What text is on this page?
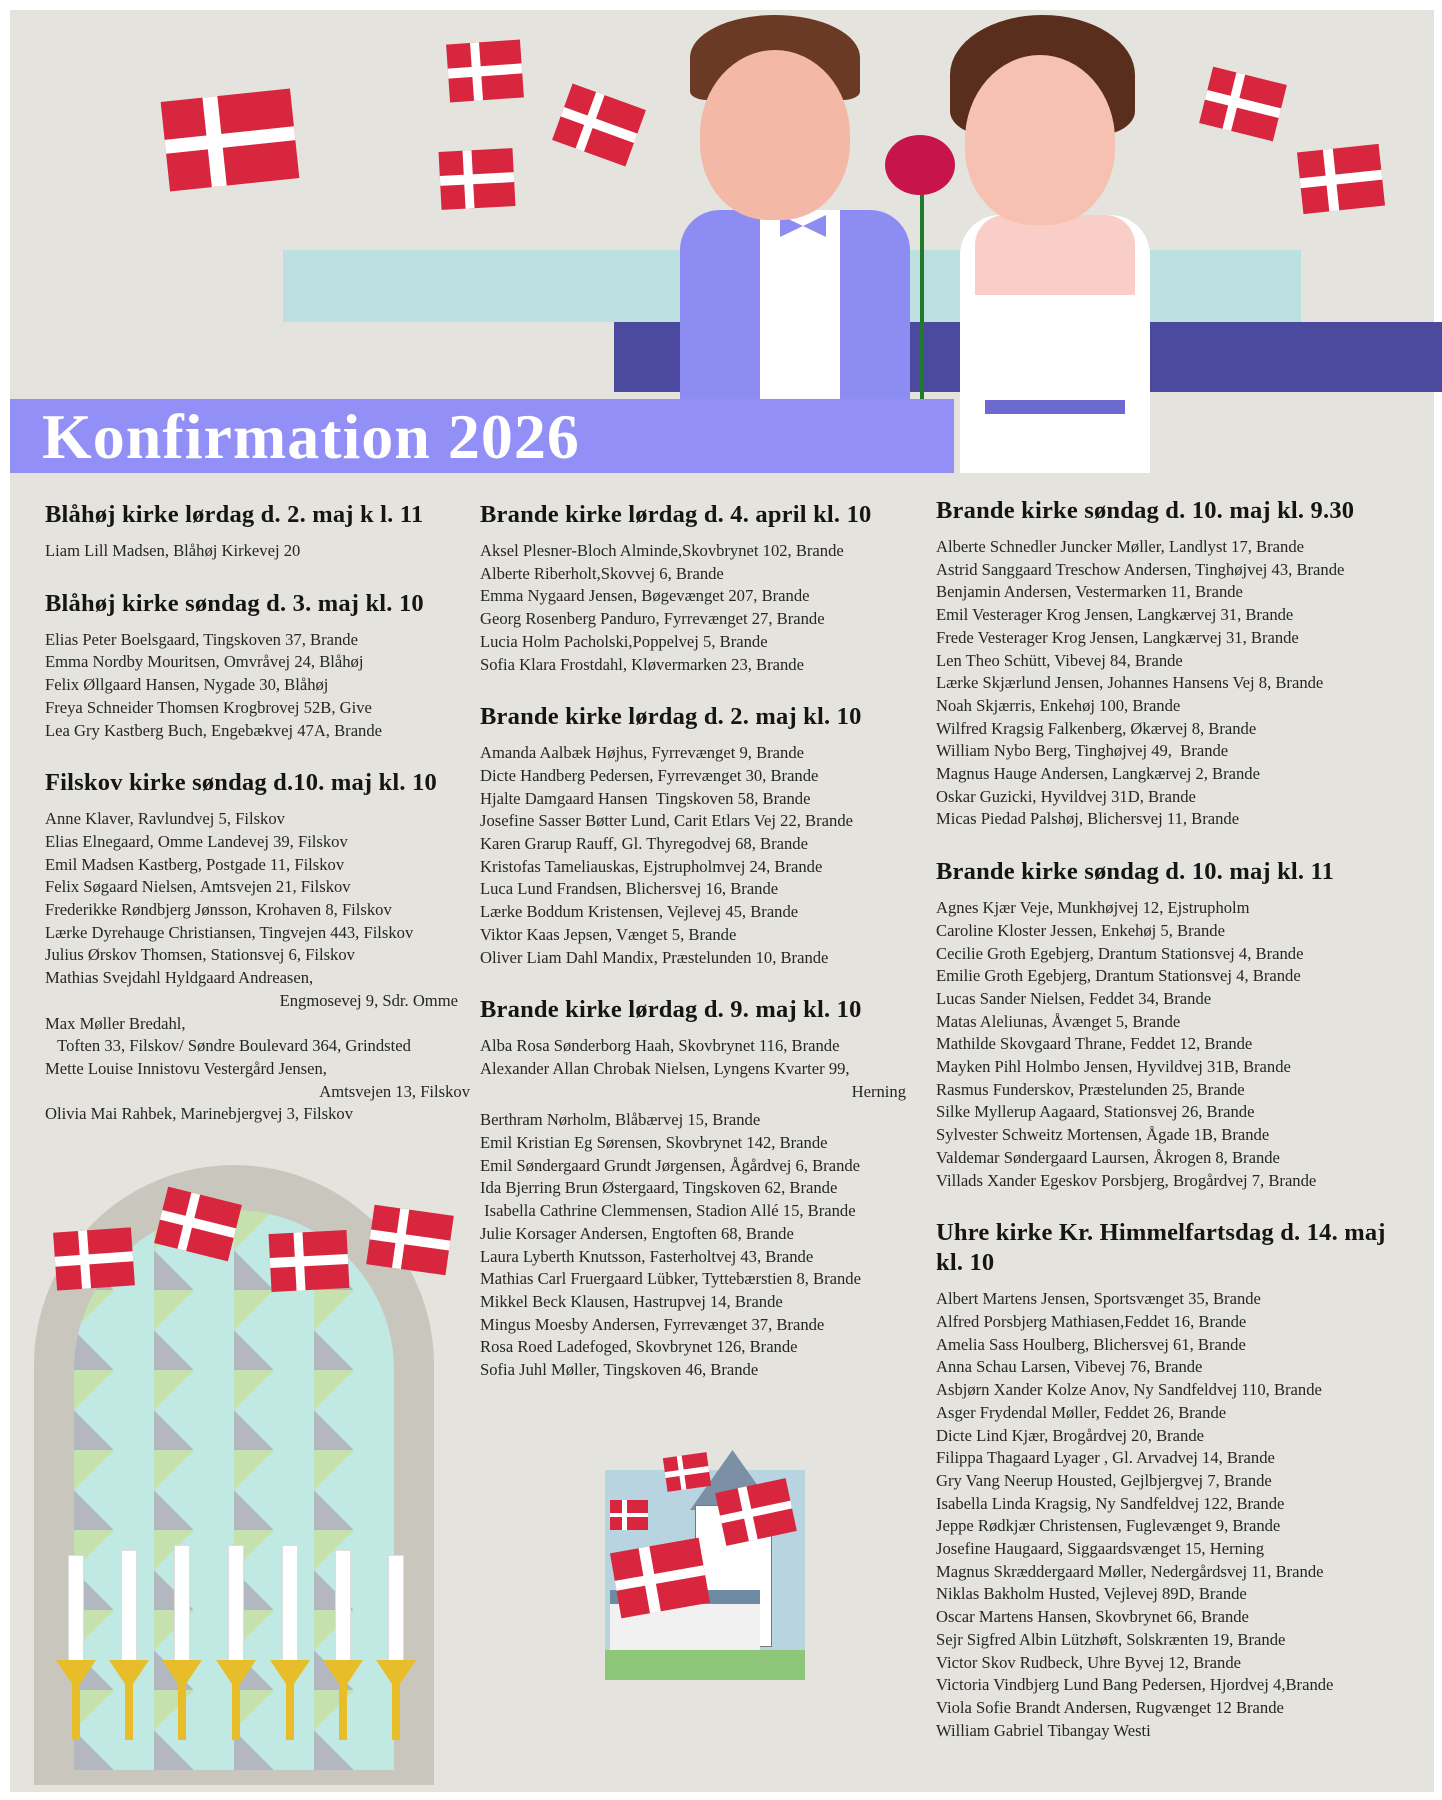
Konfirmation 2026
Blåhøj kirke lørdag d. 2. maj k l. 11
Liam Lill Madsen, Blåhøj Kirkevej 20
Blåhøj kirke søndag d. 3. maj kl. 10
Elias Peter Boelsgaard, Tingskoven 37, Brande
Emma Nordby Mouritsen, Omvråvej 24, Blåhøj
Felix Øllgaard Hansen, Nygade 30, Blåhøj
Freya Schneider Thomsen Krogbrovej 52B, Give
Lea Gry Kastberg Buch, Engebækvej 47A, Brande
Filskov kirke søndag d.10. maj kl. 10
Anne Klaver, Ravlundvej 5, Filskov
Elias Elnegaard, Omme Landevej 39, Filskov
Emil Madsen Kastberg, Postgade 11, Filskov
Felix Søgaard Nielsen, Amtsvejen 21, Filskov
Frederikke Røndbjerg Jønsson, Krohaven 8, Filskov
Lærke Dyrehauge Christiansen, Tingvejen 443, Filskov
Julius Ørskov Thomsen, Stationsvej 6, Filskov
Mathias Svejdahl Hyldgaard Andreasen,
Engmosevej 9, Sdr. Omme
Max Møller Bredahl,
Toften 33, Filskov/ Søndre Boulevard 364, Grindsted
Mette Louise Innistovu Vestergård Jensen,
Amtsvejen 13, Filskov
Olivia Mai Rahbek, Marinebjergvej 3, Filskov
Brande kirke lørdag d. 4. april kl. 10
Aksel Plesner-Bloch Alminde,Skovbrynet 102, Brande
Alberte Riberholt,Skovvej 6, Brande
Emma Nygaard Jensen, Bøgevænget 207, Brande
Georg Rosenberg Panduro, Fyrrevænget 27, Brande
Lucia Holm Pacholski,Poppelvej 5, Brande
Sofia Klara Frostdahl, Kløvermarken 23, Brande
Brande kirke lørdag d. 2. maj kl. 10
Amanda Aalbæk Højhus, Fyrrevænget 9, Brande
Dicte Handberg Pedersen, Fyrrevænget 30, Brande
Hjalte Damgaard Hansen  Tingskoven 58, Brande
Josefine Sasser Bøtter Lund, Carit Etlars Vej 22, Brande
Karen Grarup Rauff, Gl. Thyregodvej 68, Brande
Kristofas Tameliauskas, Ejstrupholmvej 24, Brande
Luca Lund Frandsen, Blichersvej 16, Brande
Lærke Boddum Kristensen, Vejlevej 45, Brande
Viktor Kaas Jepsen, Vænget 5, Brande
Oliver Liam Dahl Mandix, Præstelunden 10, Brande
Brande kirke lørdag d. 9. maj kl. 10
Alba Rosa Sønderborg Haah, Skovbrynet 116, Brande
Alexander Allan Chrobak Nielsen, Lyngens Kvarter 99,
Herning
Berthram Nørholm, Blåbærvej 15, Brande
Emil Kristian Eg Sørensen, Skovbrynet 142, Brande
Emil Søndergaard Grundt Jørgensen, Ågårdvej 6, Brande
Ida Bjerring Brun Østergaard, Tingskoven 62, Brande
Isabella Cathrine Clemmensen, Stadion Allé 15, Brande
Julie Korsager Andersen, Engtoften 68, Brande
Laura Lyberth Knutsson, Fasterholtvej 43, Brande
Mathias Carl Fruergaard Lübker, Tyttebærstien 8, Brande
Mikkel Beck Klausen, Hastrupvej 14, Brande
Mingus Moesby Andersen, Fyrrevænget 37, Brande
Rosa Roed Ladefoged, Skovbrynet 126, Brande
Sofia Juhl Møller, Tingskoven 46, Brande
Brande kirke søndag d. 10. maj kl. 9.30
Alberte Schnedler Juncker Møller, Landlyst 17, Brande
Astrid Sanggaard Treschow Andersen, Tinghøjvej 43, Brande
Benjamin Andersen, Vestermarken 11, Brande
Emil Vesterager Krog Jensen, Langkærvej 31, Brande
Frede Vesterager Krog Jensen, Langkærvej 31, Brande
Len Theo Schütt, Vibevej 84, Brande
Lærke Skjærlund Jensen, Johannes Hansens Vej 8, Brande
Noah Skjærris, Enkehøj 100, Brande
Wilfred Kragsig Falkenberg, Økærvej 8, Brande
William Nybo Berg, Tinghøjvej 49,  Brande
Magnus Hauge Andersen, Langkærvej 2, Brande
Oskar Guzicki, Hyvildvej 31D, Brande
Micas Piedad Palshøj, Blichersvej 11, Brande
Brande kirke søndag d. 10. maj kl. 11
Agnes Kjær Veje, Munkhøjvej 12, Ejstrupholm
Caroline Kloster Jessen, Enkehøj 5, Brande
Cecilie Groth Egebjerg, Drantum Stationsvej 4, Brande
Emilie Groth Egebjerg, Drantum Stationsvej 4, Brande
Lucas Sander Nielsen, Feddet 34, Brande
Matas Aleliunas, Åvænget 5, Brande
Mathilde Skovgaard Thrane, Feddet 12, Brande
Mayken Pihl Holmbo Jensen, Hyvildvej 31B, Brande
Rasmus Funderskov, Præstelunden 25, Brande
Silke Myllerup Aagaard, Stationsvej 26, Brande
Sylvester Schweitz Mortensen, Ågade 1B, Brande
Valdemar Søndergaard Laursen, Åkrogen 8, Brande
Villads Xander Egeskov Porsbjerg, Brogårdvej 7, Brande
Uhre kirke Kr. Himmelfartsdag d. 14. maj kl. 10
Albert Martens Jensen, Sportsvænget 35, Brande
Alfred Porsbjerg Mathiasen,Feddet 16, Brande
Amelia Sass Houlberg, Blichersvej 61, Brande
Anna Schau Larsen, Vibevej 76, Brande
Asbjørn Xander Kolze Anov, Ny Sandfeldvej 110, Brande
Asger Frydendal Møller, Feddet 26, Brande
Dicte Lind Kjær, Brogårdvej 20, Brande
Filippa Thagaard Lyager , Gl. Arvadvej 14, Brande
Gry Vang Neerup Housted, Gejlbjergvej 7, Brande
Isabella Linda Kragsig, Ny Sandfeldvej 122, Brande
Jeppe Rødkjær Christensen, Fuglevænget 9, Brande
Josefine Haugaard, Siggaardsvænget 15, Herning
Magnus Skræddergaard Møller, Nedergårdsvej 11, Brande
Niklas Bakholm Husted, Vejlevej 89D, Brande
Oscar Martens Hansen, Skovbrynet 66, Brande
Sejr Sigfred Albin Lützhøft, Solskrænten 19, Brande
Victor Skov Rudbeck, Uhre Byvej 12, Brande
Victoria Vindbjerg Lund Bang Pedersen, Hjordvej 4,Brande
Viola Sofie Brandt Andersen, Rugvænget 12 Brande
William Gabriel Tibangay Westi
